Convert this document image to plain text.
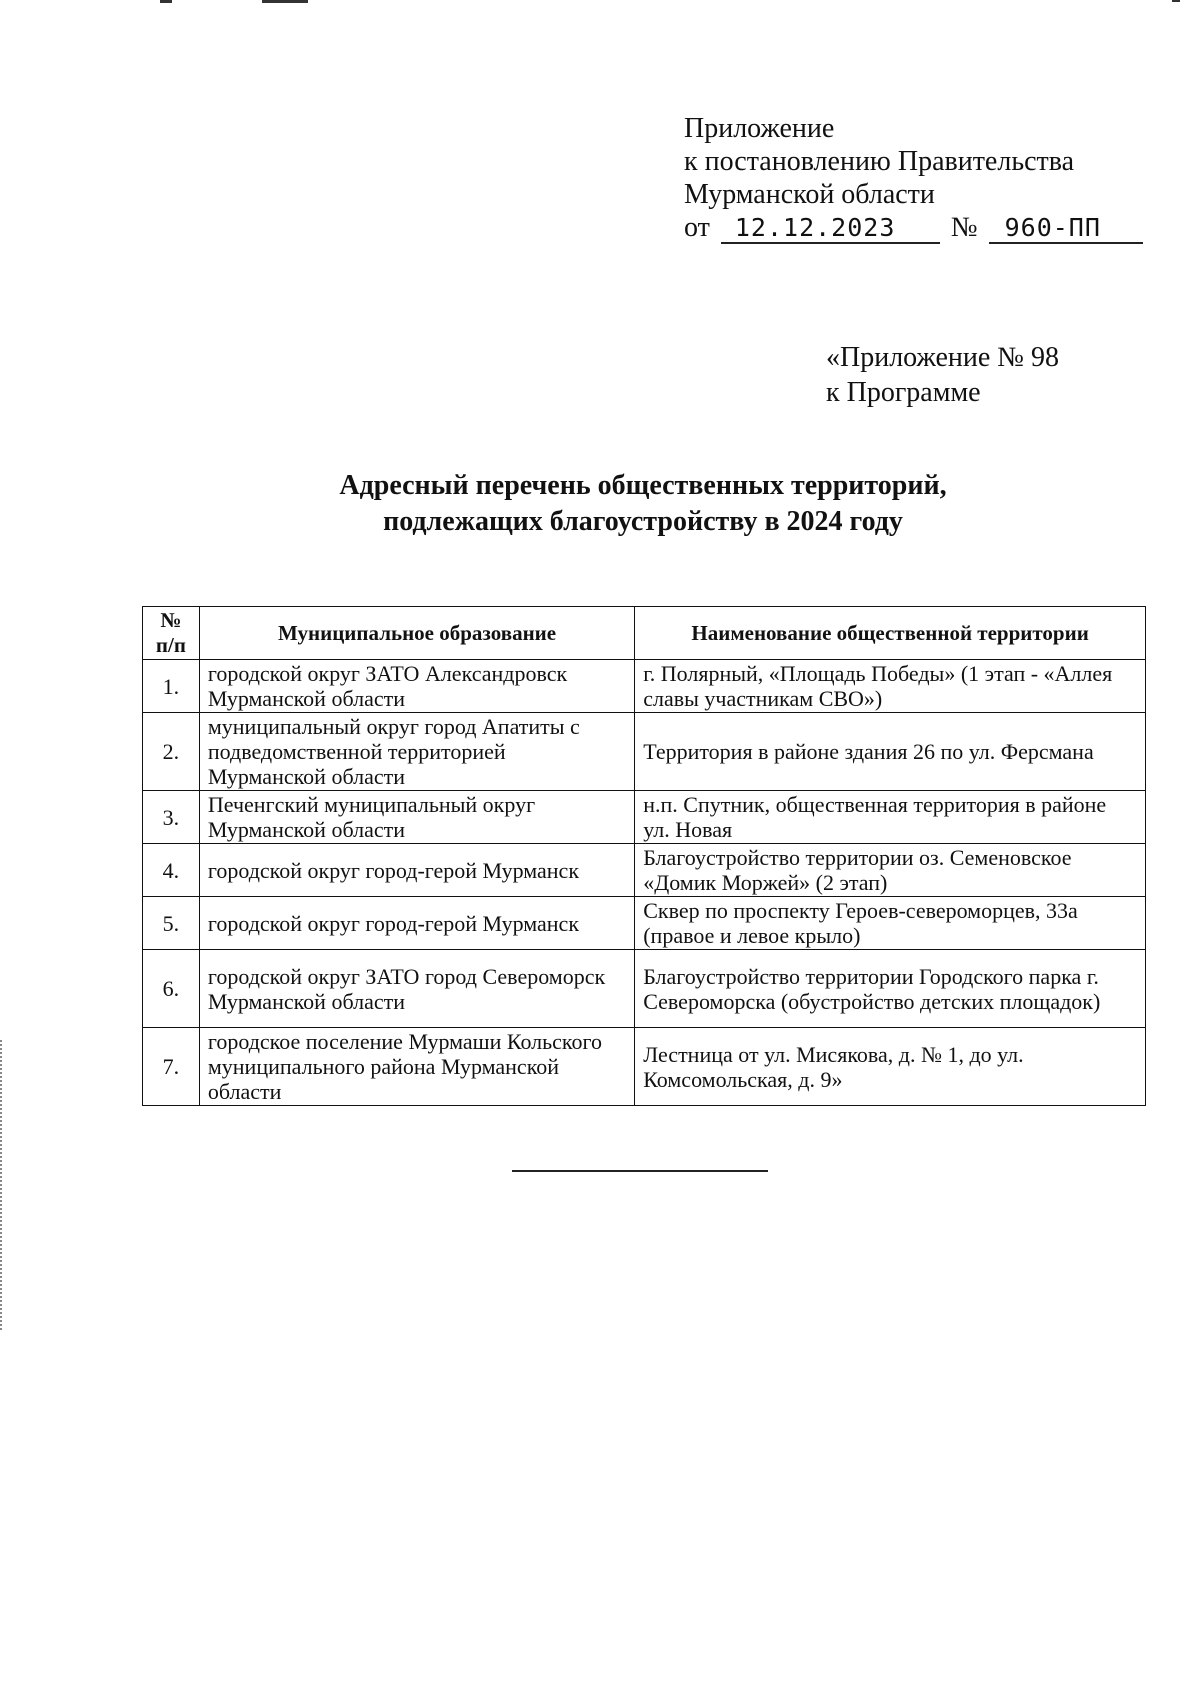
Приложение
к постановлению Правительства
Мурманской области
от 12.12.2023 № 960-ПП
«Приложение № 98
к Программе
Адресный перечень общественных территорий,
подлежащих благоустройству в 2024 году
№
п/п	Муниципальное образование	Наименование общественной территории
1.	городской округ ЗАТО Александровск Мурманской области	г. Полярный, «Площадь Победы» (1 этап - «Аллея славы участникам СВО»)
2.	муниципальный округ город Апатиты с подведомственной территорией Мурманской области	Территория в районе здания 26 по ул. Ферсмана
3.	Печенгский муниципальный округ Мурманской области	н.п. Спутник, общественная территория в районе ул. Новая
4.	городской округ город-герой Мурманск	Благоустройство территории оз. Семеновское «Домик Моржей» (2 этап)
5.	городской округ город-герой Мурманск	Сквер по проспекту Героев-североморцев, 33а (правое и левое крыло)
6.	городской округ ЗАТО город Североморск Мурманской области	Благоустройство территории Городского парка г. Североморска (обустройство детских площадок)
7.	городское поселение Мурмаши Кольского муниципального района Мурманской области	Лестница от ул. Мисякова, д. № 1, до ул. Комсомольская, д. 9»
